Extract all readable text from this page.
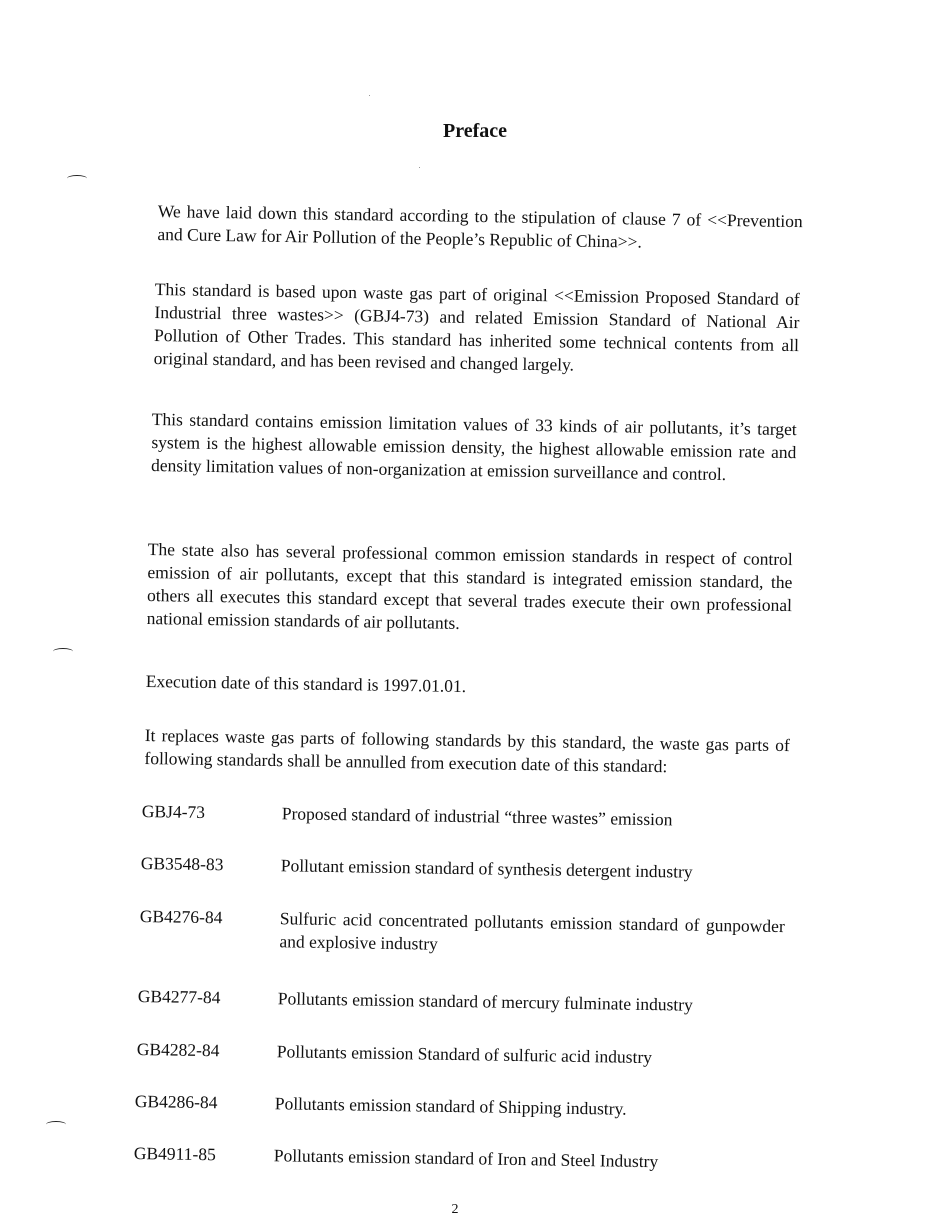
Preface

We have laid down this standard according to the stipulation of clause 7 of <<Prevention and Cure Law for Air Pollution of the People’s Republic of China>>.

This standard is based upon waste gas part of original <<Emission Proposed Standard of Industrial three wastes>> (GBJ4-73) and related Emission Standard of National Air Pollution of Other Trades. This standard has inherited some technical contents from all original standard, and has been revised and changed largely.

This standard contains emission limitation values of 33 kinds of air pollutants, it’s target system is the highest allowable emission density, the highest allowable emission rate and density limitation values of non-organization at emission surveillance and control.

The state also has several professional common emission standards in respect of control emission of air pollutants, except that this standard is integrated emission standard, the others all executes this standard except that several trades execute their own professional national emission standards of air pollutants.

Execution date of this standard is 1997.01.01.

It replaces waste gas parts of following standards by this standard, the waste gas parts of following standards shall be annulled from execution date of this standard:

GBJ4-73	Proposed standard of industrial “three wastes” emission
GB3548-83	Pollutant emission standard of synthesis detergent industry
GB4276-84	Sulfuric acid concentrated pollutants emission standard of gunpowder and explosive industry
GB4277-84	Pollutants emission standard of mercury fulminate industry
GB4282-84	Pollutants emission Standard of sulfuric acid industry
GB4286-84	Pollutants emission standard of Shipping industry.
GB4911-85	Pollutants emission standard of Iron and Steel Industry
2
